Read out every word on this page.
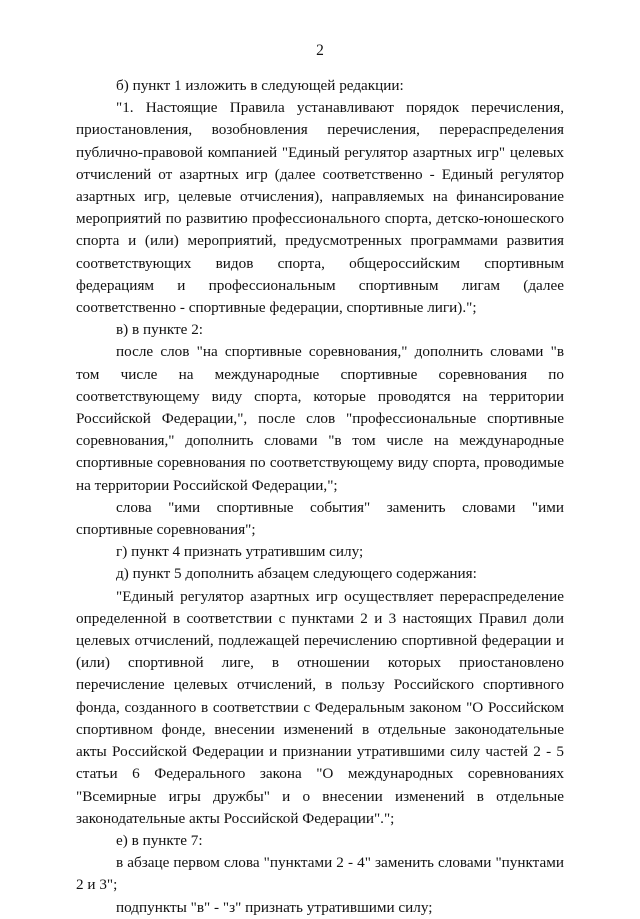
2

б) пункт 1 изложить в следующей редакции:

"1. Настоящие Правила устанавливают порядок перечисления, приостановления, возобновления перечисления, перераспределения публично-правовой компанией "Единый регулятор азартных игр" целевых отчислений от азартных игр (далее соответственно - Единый регулятор азартных игр, целевые отчисления), направляемых на финансирование мероприятий по развитию профессионального спорта, детско-юношеского спорта и (или) мероприятий, предусмотренных программами развития соответствующих видов спорта, общероссийским спортивным федерациям и профессиональным спортивным лигам (далее соответственно - спортивные федерации, спортивные лиги).";

в) в пункте 2:

после слов "на спортивные соревнования," дополнить словами "в том числе на международные спортивные соревнования по соответствующему виду спорта, которые проводятся на территории Российской Федерации,", после слов "профессиональные спортивные соревнования," дополнить словами "в том числе на международные спортивные соревнования по соответствующему виду спорта, проводимые на территории Российской Федерации,";

слова "ими спортивные события" заменить словами "ими спортивные соревнования";

г) пункт 4 признать утратившим силу;

д) пункт 5 дополнить абзацем следующего содержания:

"Единый регулятор азартных игр осуществляет перераспределение определенной в соответствии с пунктами 2 и 3 настоящих Правил доли целевых отчислений, подлежащей перечислению спортивной федерации и (или) спортивной лиге, в отношении которых приостановлено перечисление целевых отчислений, в пользу Российского спортивного фонда, созданного в соответствии с Федеральным законом "О Российском спортивном фонде, внесении изменений в отдельные законодательные акты Российской Федерации и признании утратившими силу частей 2 - 5 статьи 6 Федерального закона "О международных соревнованиях "Всемирные игры дружбы" и о внесении изменений в отдельные законодательные акты Российской Федерации".";

е) в пункте 7:

в абзаце первом слова "пунктами 2 - 4" заменить словами "пунктами 2 и 3";

подпункты "в" - "з" признать утратившими силу;
